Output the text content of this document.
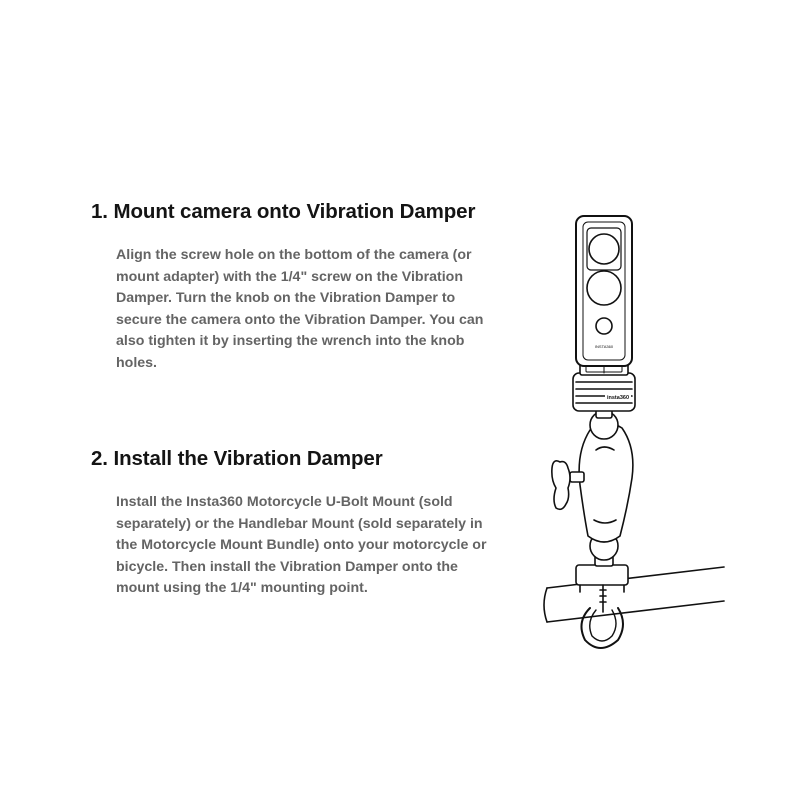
1. Mount camera onto Vibration Damper

Align the screw hole on the bottom of the camera (or
mount adapter) with the 1/4" screw on the Vibration
Damper. Turn the knob on the Vibration Damper to
secure the camera onto the Vibration Damper. You can
also tighten it by inserting the wrench into the knob
holes.

2. Install the Vibration Damper

Install the Insta360 Motorcycle U-Bolt Mount (sold
separately) or the Handlebar Mount (sold separately in
the Motorcycle Mount Bundle) onto your motorcycle or
bicycle. Then install the Vibration Damper onto the
mount using the 1/4" mounting point.

INSTA360
insta360
